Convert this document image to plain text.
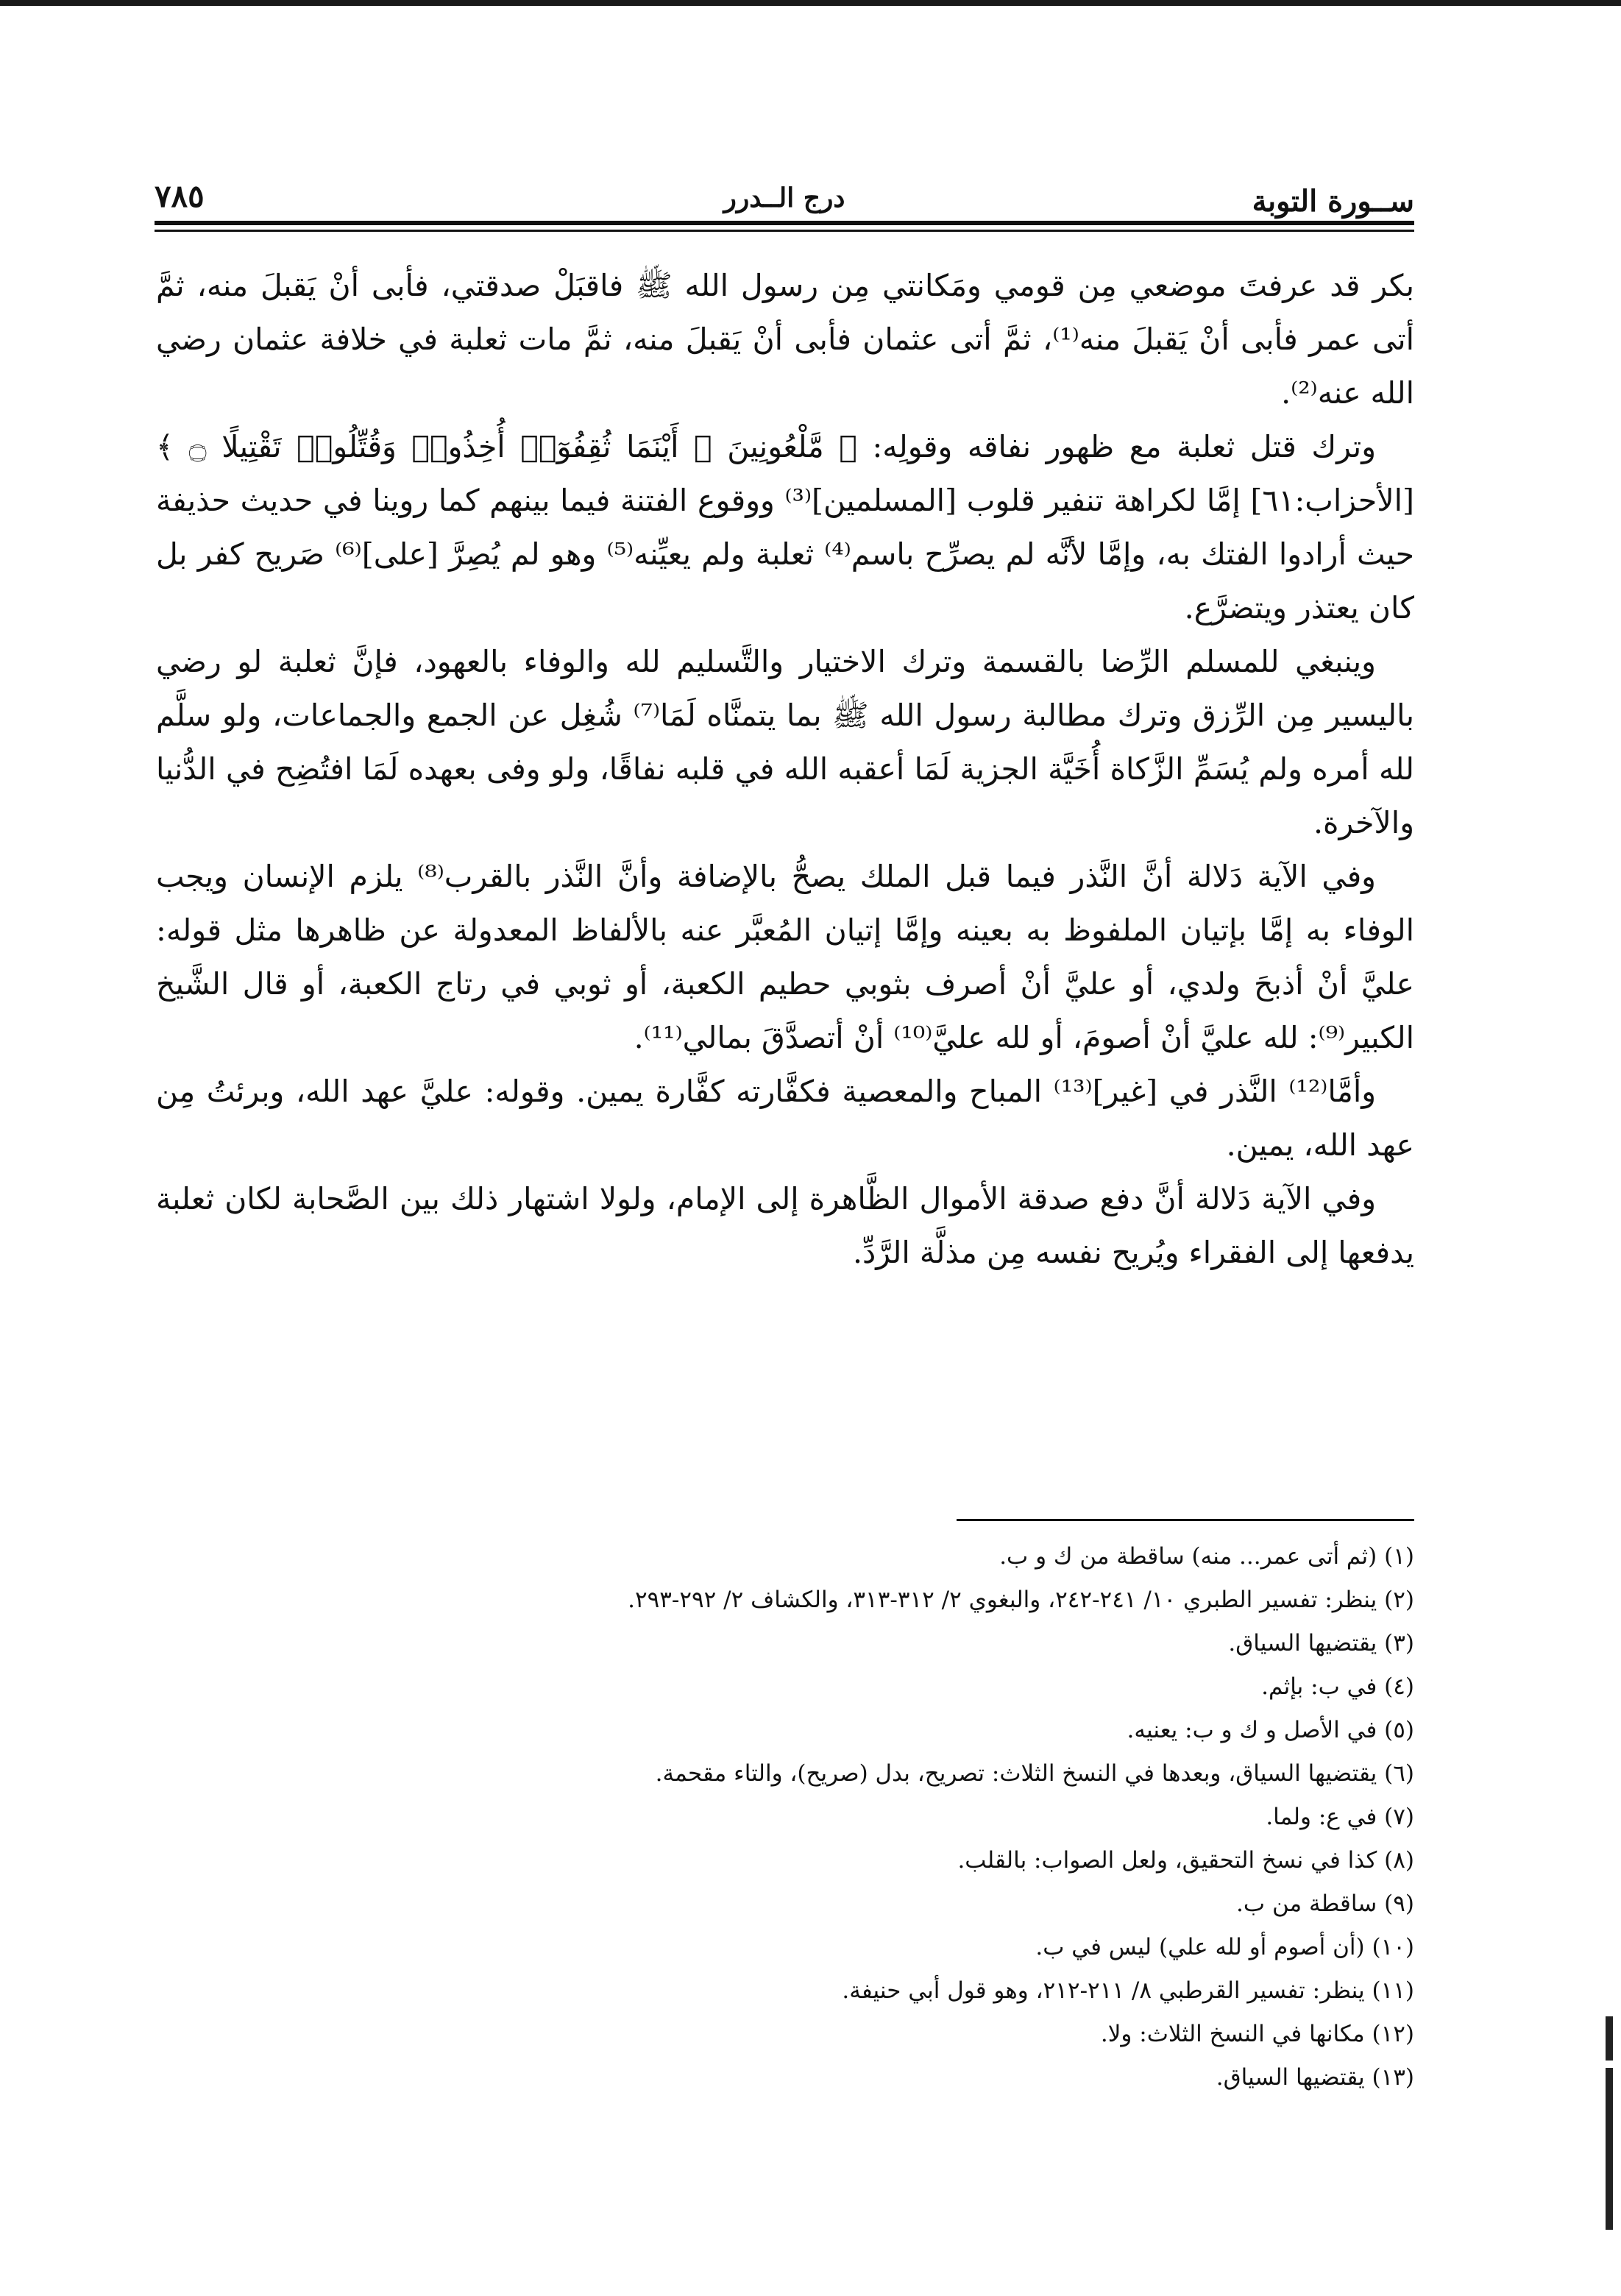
ســورة التوبة
درج الــدرر
٧٨٥

بكر قد عرفتَ موضعي مِن قومي ومَكانتي مِن رسول الله ﷺ فاقبَلْ صدقتي، فأبى أنْ يَقبلَ منه، ثمَّ أتى عمر فأبى أنْ يَقبلَ منه⁽¹⁾، ثمَّ أتى عثمان فأبى أنْ يَقبلَ منه، ثمَّ مات ثعلبة في خلافة عثمان رضي الله عنه⁽²⁾.

وترك قتل ثعلبة مع ظهور نفاقه وقولِه: ﴿ مَّلْعُونِينَ ۖ أَيْنَمَا ثُقِفُوٓا۟ أُخِذُوا۟ وَقُتِّلُوا۟ تَقْتِيلًا ۝ ﴾ [الأحزاب:٦١] إمَّا لكراهة تنفير قلوب [المسلمين]⁽³⁾ ووقوع الفتنة فيما بينهم كما روينا في حديث حذيفة حيث أرادوا الفتك به، وإمَّا لأنَّه لم يصرِّح باسم⁽⁴⁾ ثعلبة ولم يعيِّنه⁽⁵⁾ وهو لم يُصِرَّ [على]⁽⁶⁾ صَريح كفر بل كان يعتذر ويتضرَّع.

وينبغي للمسلم الرِّضا بالقسمة وترك الاختيار والتَّسليم لله والوفاء بالعهود، فإنَّ ثعلبة لو رضي باليسير مِن الرِّزق وترك مطالبة رسول الله ﷺ بما يتمنَّاه لَمَا⁽⁷⁾ شُغِل عن الجمع والجماعات، ولو سلَّم لله أمره ولم يُسَمِّ الزَّكاة أُخَيَّة الجزية لَمَا أعقبه الله في قلبه نفاقًا، ولو وفى بعهده لَمَا افتُضِح في الدُّنيا والآخرة.

وفي الآية دَلالة أنَّ النَّذر فيما قبل الملك يصحُّ بالإضافة وأنَّ النَّذر بالقرب⁽⁸⁾ يلزم الإنسان ويجب الوفاء به إمَّا بإتيان الملفوظ به بعينه وإمَّا إتيان المُعبَّر عنه بالألفاظ المعدولة عن ظاهرها مثل قوله: عليَّ أنْ أذبحَ ولدي، أو عليَّ أنْ أصرف بثوبي حطيم الكعبة، أو ثوبي في رتاج الكعبة، أو قال الشَّيخ الكبير⁽⁹⁾: لله عليَّ أنْ أصومَ، أو لله عليَّ⁽¹⁰⁾ أنْ أتصدَّقَ بمالي⁽¹¹⁾.

وأمَّا⁽¹²⁾ النَّذر في [غير]⁽¹³⁾ المباح والمعصية فكفَّارته كفَّارة يمين. وقوله: عليَّ عهد الله، وبرئتُ مِن عهد الله، يمين.

وفي الآية دَلالة أنَّ دفع صدقة الأموال الظَّاهرة إلى الإمام، ولولا اشتهار ذلك بين الصَّحابة لكان ثعلبة يدفعها إلى الفقراء ويُريح نفسه مِن مذلَّة الرَّدِّ.

(١) (ثم أتى عمر... منه) ساقطة من ك و ب.
(٢) ينظر: تفسير الطبري ١٠/ ٢٤١-٢٤٢، والبغوي ٢/ ٣١٢-٣١٣، والكشاف ٢/ ٢٩٢-٢٩٣.
(٣) يقتضيها السياق.
(٤) في ب: بإثم.
(٥) في الأصل و ك و ب: يعنيه.
(٦) يقتضيها السياق، وبعدها في النسخ الثلاث: تصريح، بدل (صريح)، والتاء مقحمة.
(٧) في ع: ولما.
(٨) كذا في نسخ التحقيق، ولعل الصواب: بالقلب.
(٩) ساقطة من ب.
(١٠) (أن أصوم أو لله علي) ليس في ب.
(١١) ينظر: تفسير القرطبي ٨/ ٢١١-٢١٢، وهو قول أبي حنيفة.
(١٢) مكانها في النسخ الثلاث: ولا.
(١٣) يقتضيها السياق.
